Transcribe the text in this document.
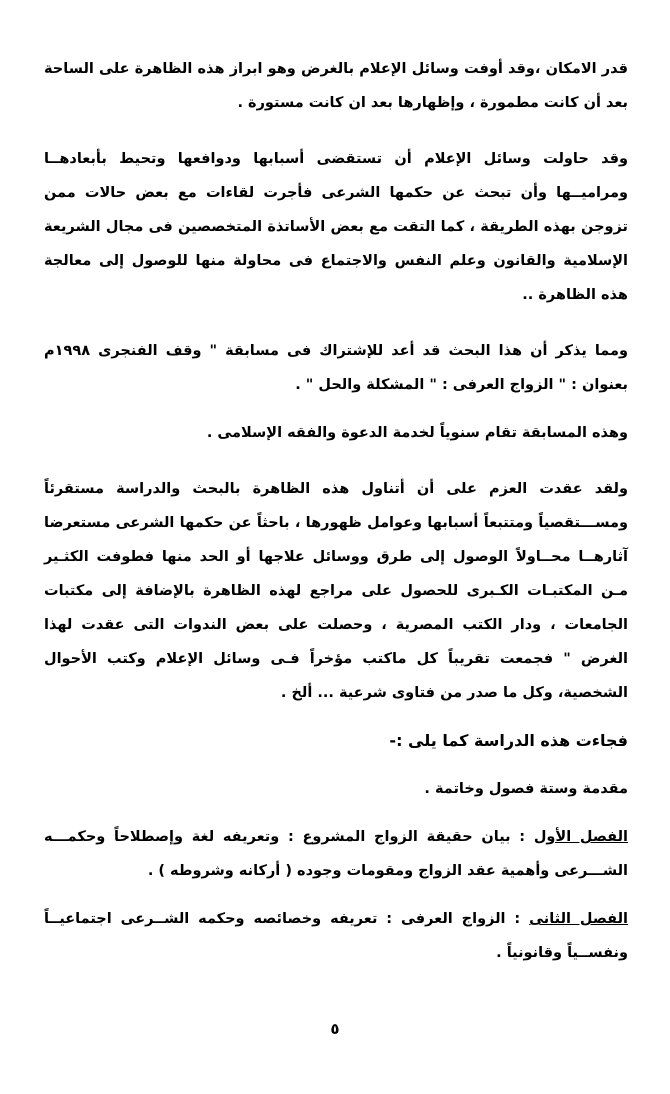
قدر الامكان ،وقد أوفت وسائل الإعلام بالغرض وهو ابراز هذه الظاهرة على الساحة بعد أن كانت مطمورة ، وإظهارها بعد ان كانت مستورة .

وقد حاولت وسائل الإعلام أن تستقضى أسبابها ودوافعها وتحيط بأبعادهــا ومراميــها وأن تبحث عن حكمها الشرعى فأجرت لقاءات مع بعض حالات ممن تزوجن بهذه الطريقة ، كما التقت مع بعض الأساتذة المتخصصين فى مجال الشريعة الإسلامية والقانون وعلم النفس والاجتماع فى محاولة منها للوصول إلى معالجة هذه الظاهرة ..

ومما يذكر أن هذا البحث قد أعد للإشتراك فى مسابقة " وقف الفنجرى ١٩٩٨م بعنوان : " الزواج العرفى : " المشكلة والحل " .

وهذه المسابقة تقام سنوياً لخدمة الدعوة والفقه الإسلامى .

ولقد عقدت العزم على أن أتناول هذه الظاهرة بالبحث والدراسة مستقرئاً ومســـتقصياً ومتتبعاً أسبابها وعوامل ظهورها ، باحثاً عن حكمها الشرعى مستعرضا آثارهــا محــاولاً الوصول إلى طرق ووسائل علاجها أو الحد منها فطوفت الكثـير مـن المكتبـات الكـبرى للحصول على مراجع لهذه الظاهرة بالإضافة إلى مكتبات الجامعات ، ودار الكتب المصرية ، وحصلت على بعض الندوات التى عقدت لهذا الغرض " فجمعت تقريباً كل ماكتب مؤخراً فـى وسائل الإعلام وكتب الأحوال الشخصية، وكل ما صدر من فتاوى شرعية ... ألخ .

فجاءت هذه الدراسة كما يلى :-

مقدمة وستة فصول وخاتمة .

الفصل الأول : بيان حقيقة الزواج المشروع : وتعريفه لغة وإصطلاحاً وحكمـــه الشـــرعى وأهمية عقد الزواج ومقومات وجوده ( أركانه وشروطه ) .

الفصل الثانى : الزواج العرفى : تعريفه وخصائصه وحكمه الشــرعى اجتماعيــاً ونفســياً وقانونياً .

٥
